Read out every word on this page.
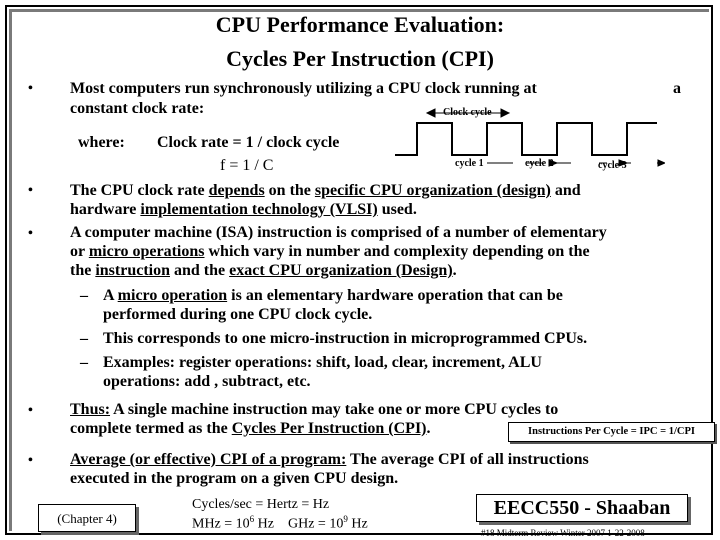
CPU Performance Evaluation:
Cycles Per Instruction (CPI)
• Most computers run synchronously utilizing a CPU clock running at	a
constant clock rate:
where: Clock rate = 1 / clock cycle
f = 1 / C
Clock cycle
cycle 1	cycle 2	cycle 3
• The CPU clock rate depends on the specific CPU organization (design) and
hardware implementation technology (VLSI) used.
• A computer machine (ISA) instruction is comprised of a number of elementary
or micro operations which vary in number and complexity depending on the
the instruction and the exact CPU organization (Design).
– A micro operation is an elementary hardware operation that can be
performed during one CPU clock cycle.
– This corresponds to one micro-instruction in microprogrammed CPUs.
– Examples: register operations: shift, load, clear, increment, ALU
operations: add , subtract, etc.
• Thus: A single machine instruction may take one or more CPU cycles to
complete termed as the Cycles Per Instruction (CPI).	Instructions Per Cycle = IPC = 1/CPI
• Average (or effective) CPI of a program: The average CPI of all instructions
executed in the program on a given CPU design.
(Chapter 4)
Cycles/sec = Hertz = Hz
MHz = $10^6$ Hz GHz = $10^9$ Hz
EECC550 - Shaaban
#18 Midterm Review Winter 2007 1-22-2008
